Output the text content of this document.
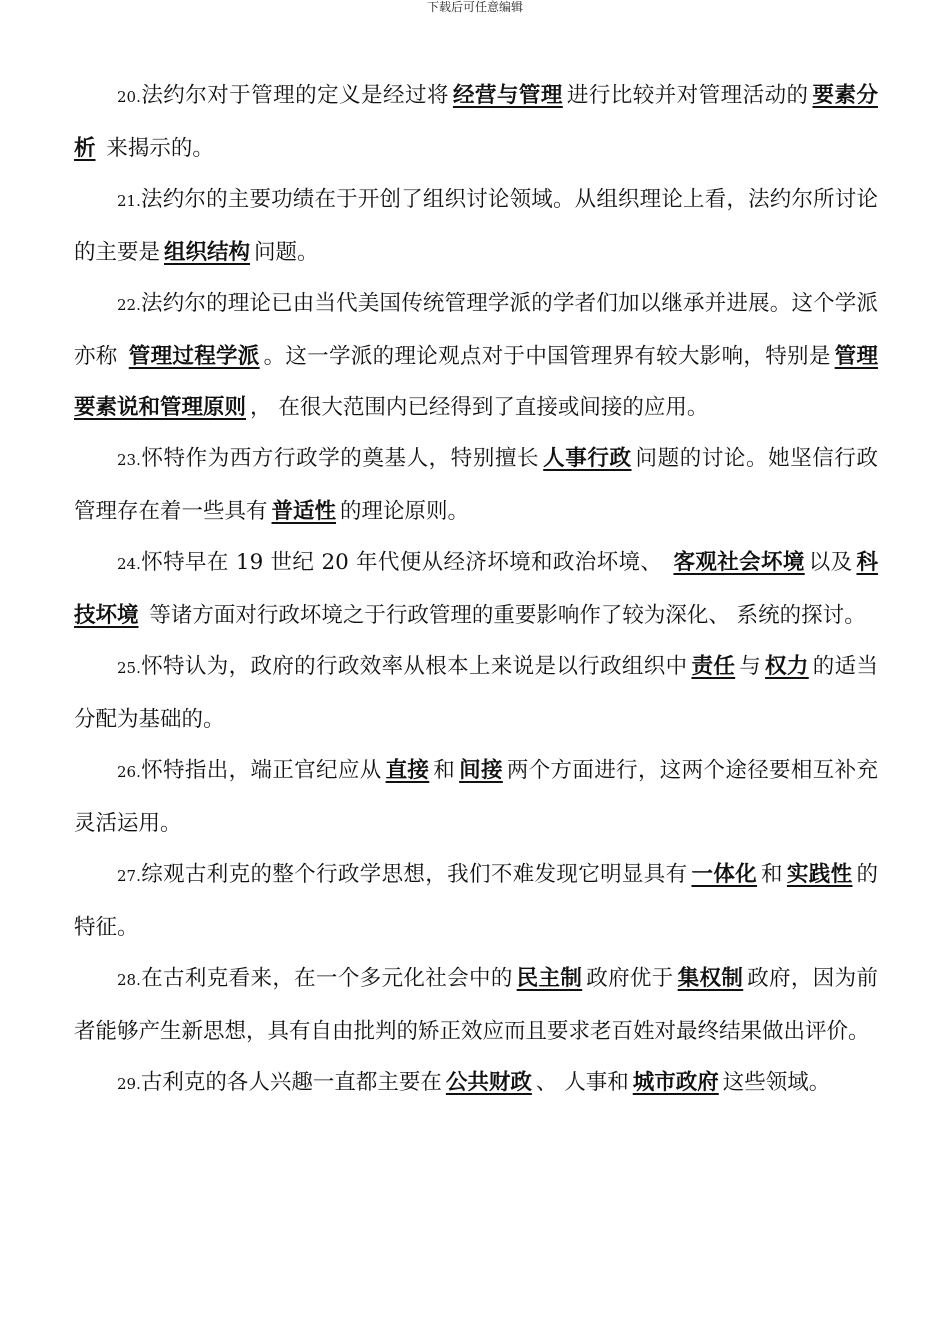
下载后可任意编辑

20.法约尔对于管理的定义是经过将 经营与管理 进行比较并对管理活动的 要素分析 来揭示的。

21.法约尔的主要功绩在于开创了组织讨论领域。从组织理论上看，法约尔所讨论的主要是 组织结构 问题。

22.法约尔的理论已由当代美国传统管理学派的学者们加以继承并进展。这个学派亦称 管理过程学派 。这一学派的理论观点对于中国管理界有较大影响，特别是 管理要素说和管理原则 ， 在很大范围内已经得到了直接或间接的应用。

23.怀特作为西方行政学的奠基人，特别擅长 人事行政 问题的讨论。她坚信行政管理存在着一些具有 普适性 的理论原则。

24.怀特早在 19 世纪 20 年代便从经济坏境和政治坏境、 客观社会坏境 以及 科技坏境 等诸方面对行政坏境之于行政管理的重要影响作了较为深化、 系统的探讨。

25.怀特认为，政府的行政效率从根本上来说是以行政组织中 责任 与 权力 的适当分配为基础的。

26.怀特指出，端正官纪应从 直接 和 间接 两个方面进行，这两个途径要相互补充灵活运用。

27.综观古利克的整个行政学思想，我们不难发现它明显具有 一体化 和 实践性 的特征。

28.在古利克看来，在一个多元化社会中的 民主制 政府优于 集权制 政府，因为前者能够产生新思想，具有自由批判的矫正效应而且要求老百姓对最终结果做出评价。

29.古利克的各人兴趣一直都主要在 公共财政 、 人事和 城市政府 这些领域。
